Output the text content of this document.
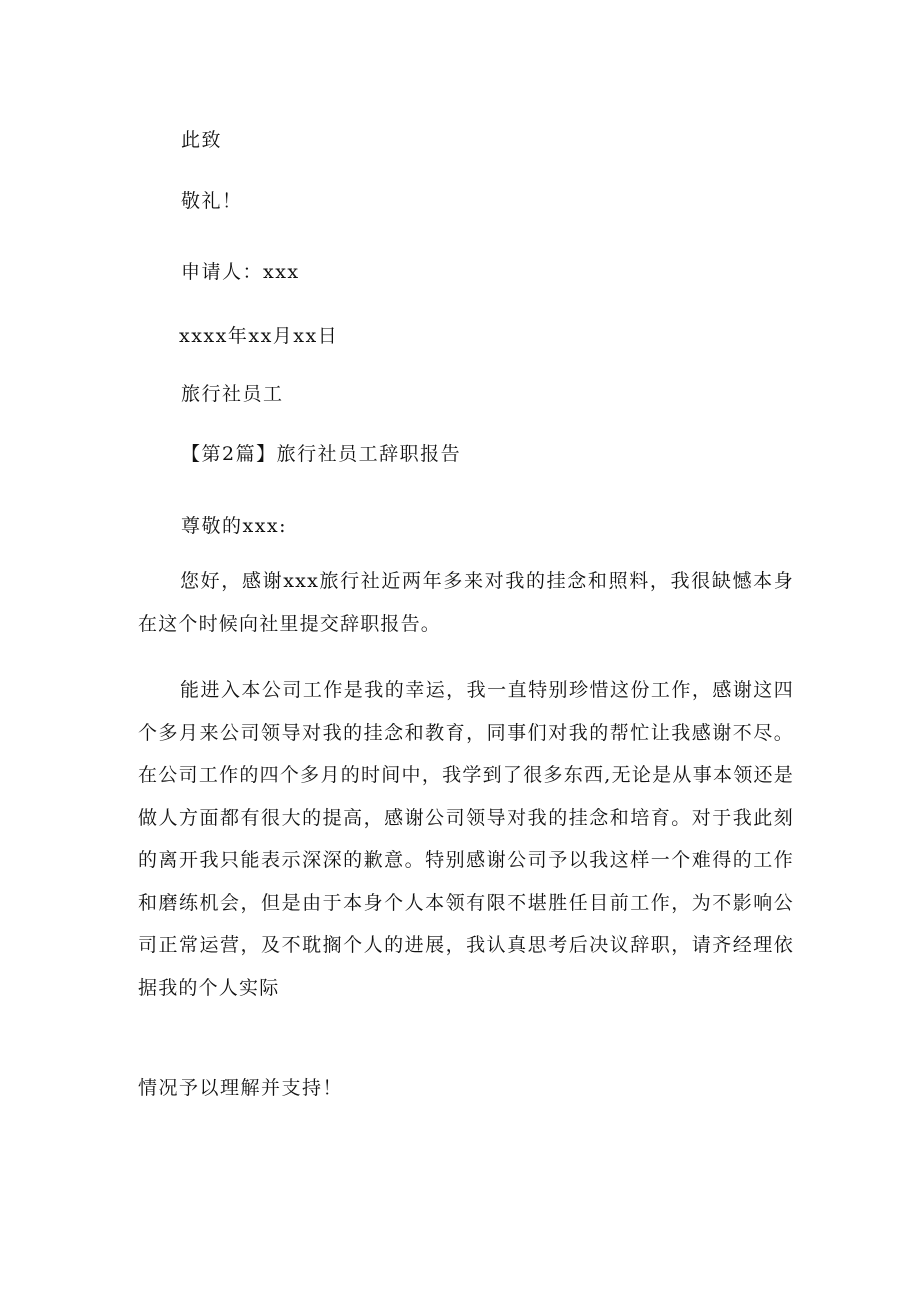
此致
敬礼！
申请人：xxx
xxxx年xx月xx日
旅行社员工
【第2篇】旅行社员工辞职报告
尊敬的xxx:
您好，感谢xxx旅行社近两年多来对我的挂念和照料，我很缺憾本身在这个时候向社里提交辞职报告。
能进入本公司工作是我的幸运，我一直特别珍惜这份工作，感谢这四个多月来公司领导对我的挂念和教育，同事们对我的帮忙让我感谢不尽。在公司工作的四个多月的时间中，我学到了很多东西,无论是从事本领还是做人方面都有很大的提高，感谢公司领导对我的挂念和培育。对于我此刻的离开我只能表示深深的歉意。特别感谢公司予以我这样一个难得的工作和磨练机会，但是由于本身个人本领有限不堪胜任目前工作，为不影响公司正常运营，及不耽搁个人的进展，我认真思考后决议辞职，请齐经理依据我的个人实际
情况予以理解并支持！
